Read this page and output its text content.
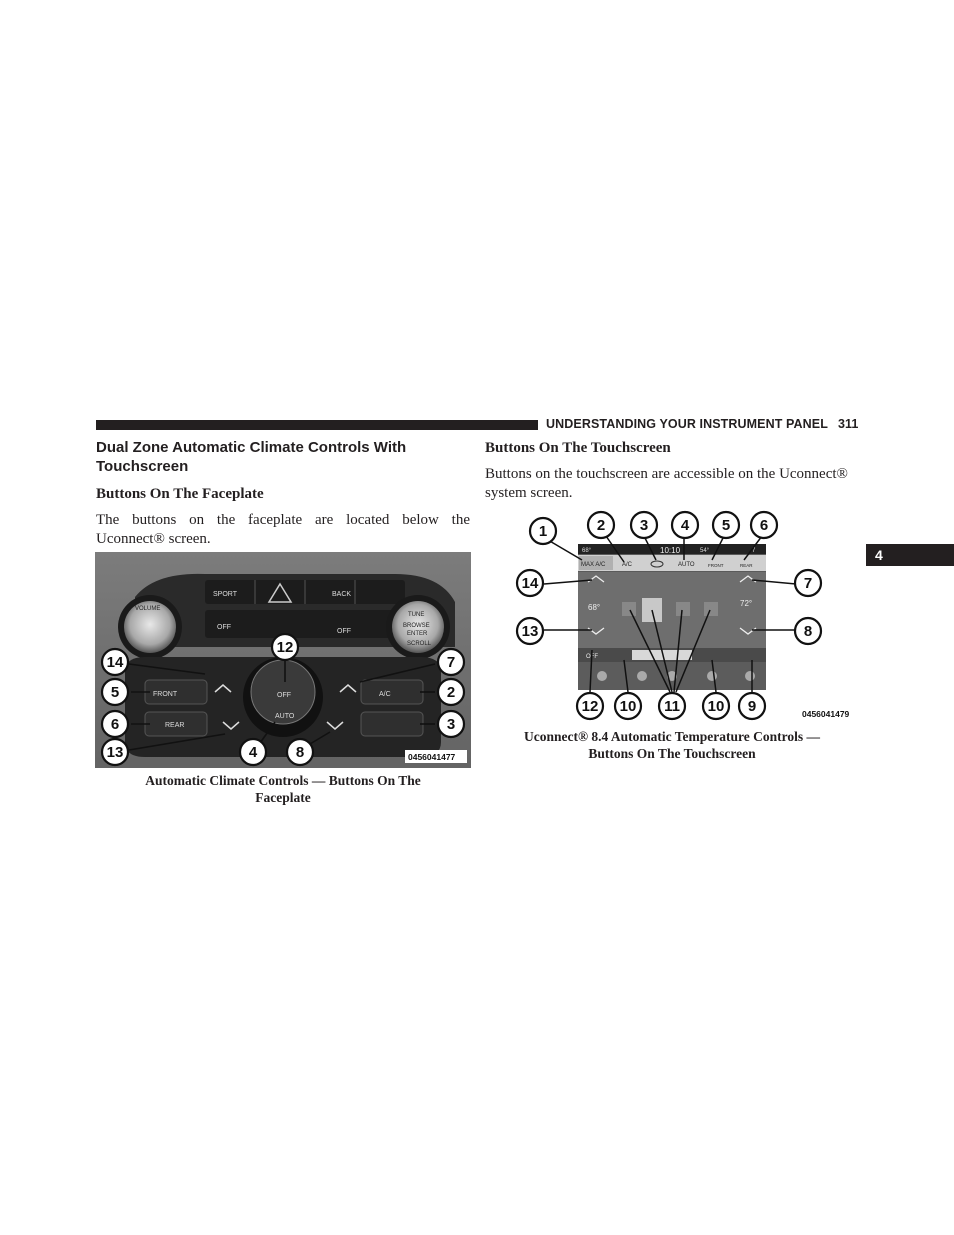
UNDERSTANDING YOUR INSTRUMENT PANEL 311
4
Dual Zone Automatic Climate Controls With Touchscreen
Buttons On The Faceplate
The buttons on the faceplate are located below the
Uconnect® screen.
SPORT	BACK
OFF
OFF
VOLUME
TUNE
BROWSE
ENTER
SCROLL
FRONT
REAR
A/C
OFF
AUTO
14
5
6
13
12
7
2
3
4	8	0456041477
Automatic Climate Controls — Buttons On The
Faceplate
Buttons On The Touchscreen
Buttons on the touchscreen are accessible on the Uconnect®
system screen.
68°	10:10	54°	7
MAX A/C	A/C	AUTO	FRONT	REAR
68°	72°
OFF
1	2 3 4 5 6
14	7
13	8
12 10 11 10 9	0456041479
Uconnect® 8.4 Automatic Temperature Controls —
Buttons On The Touchscreen
